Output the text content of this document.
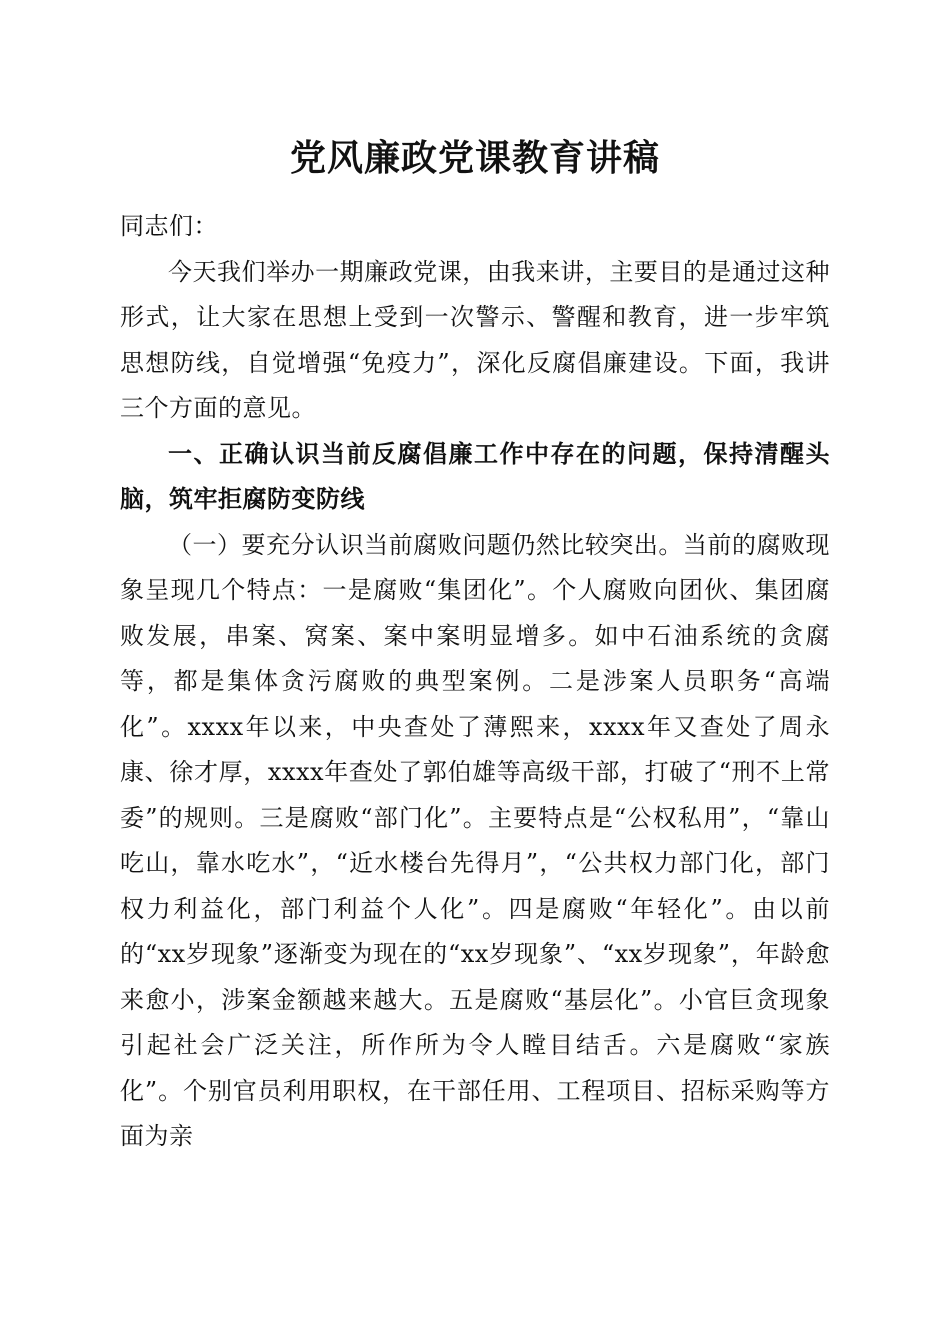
党风廉政党课教育讲稿

同志们：

今天我们举办一期廉政党课，由我来讲，主要目的是通过这种形式，让大家在思想上受到一次警示、警醒和教育，进一步牢筑思想防线，自觉增强“免疫力”，深化反腐倡廉建设。下面，我讲三个方面的意见。

一、正确认识当前反腐倡廉工作中存在的问题，保持清醒头脑，筑牢拒腐防变防线

（一）要充分认识当前腐败问题仍然比较突出。当前的腐败现象呈现几个特点：一是腐败“集团化”。个人腐败向团伙、集团腐败发展，串案、窝案、案中案明显增多。如中石油系统的贪腐等，都是集体贪污腐败的典型案例。二是涉案人员职务“高端化”。xxxx年以来，中央查处了薄熙来，xxxx年又查处了周永康、徐才厚，xxxx年查处了郭伯雄等高级干部，打破了“刑不上常委”的规则。三是腐败“部门化”。主要特点是“公权私用”，“靠山吃山，靠水吃水”，“近水楼台先得月”，“公共权力部门化，部门权力利益化，部门利益个人化”。四是腐败“年轻化”。由以前的“xx岁现象”逐渐变为现在的“xx岁现象”、“xx岁现象”，年龄愈来愈小，涉案金额越来越大。五是腐败“基层化”。小官巨贪现象引起社会广泛关注，所作所为令人瞠目结舌。六是腐败“家族化”。个别官员利用职权，在干部任用、工程项目、招标采购等方面为亲
